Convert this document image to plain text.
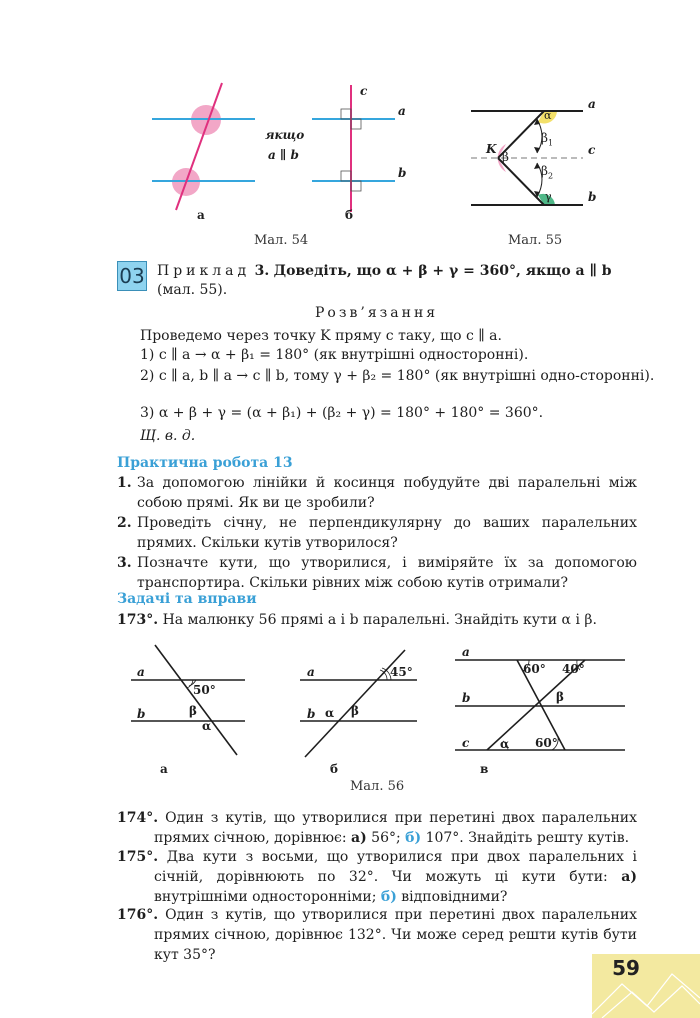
якщо
a ∥ b
c
a
b
а	б
Мал. 54
a
c
b
K
α
β
$\beta_1$
$\beta_2$
γ
Мал. 55
03 Приклад 3. Доведіть, що α + β + γ = 360°, якщо a ∥ b
(мал. 55).
Розв’язання
Проведемо через точку K пряму c таку, що c ∥ a.
1) c ∥ a → α + β₁ = 180° (як внутрішні односторонні).
2) c ∥ a, b ∥ a → c ∥ b, тому γ + β₂ = 180° (як внутрішні одно-сторонні).
3) α + β + γ = (α + β₁) + (β₂ + γ) = 180° + 180° = 360°.
Щ. в. д.
Практична робота 13
1. За допомогою лінійки й косинця побудуйте дві паралельні між собою прямі. Як ви це зробили?
2. Проведіть січну, не перпендикулярну до ваших паралельних прямих. Скільки кутів утворилося?
3. Позначте кути, що утворилися, і виміряйте їх за допомогою транспортира. Скільки рівних між собою кутів отримали?
Задачі та вправи
173°. На малюнку 56 прямі a і b паралельні. Знайдіть кути α і β.
a
b
50°
β
α
а
a
b
45°
α β
б
a
b
c
60° 40°
β
α 60°
в
Мал. 56
174°. Один з кутів, що утворилися при перетині двох паралельних прямих січною, дорівнює: а) 56°; б) 107°. Знайдіть решту кутів.
175°. Два кути з восьми, що утворилися при двох паралельних і січній, дорівнюють по 32°. Чи можуть ці кути бути: а) внутрішніми односторонніми; б) відповідними?
176°. Один з кутів, що утворилися при перетині двох паралельних прямих січною, дорівнює 132°. Чи може серед решти кутів бути кут 35°?
59
